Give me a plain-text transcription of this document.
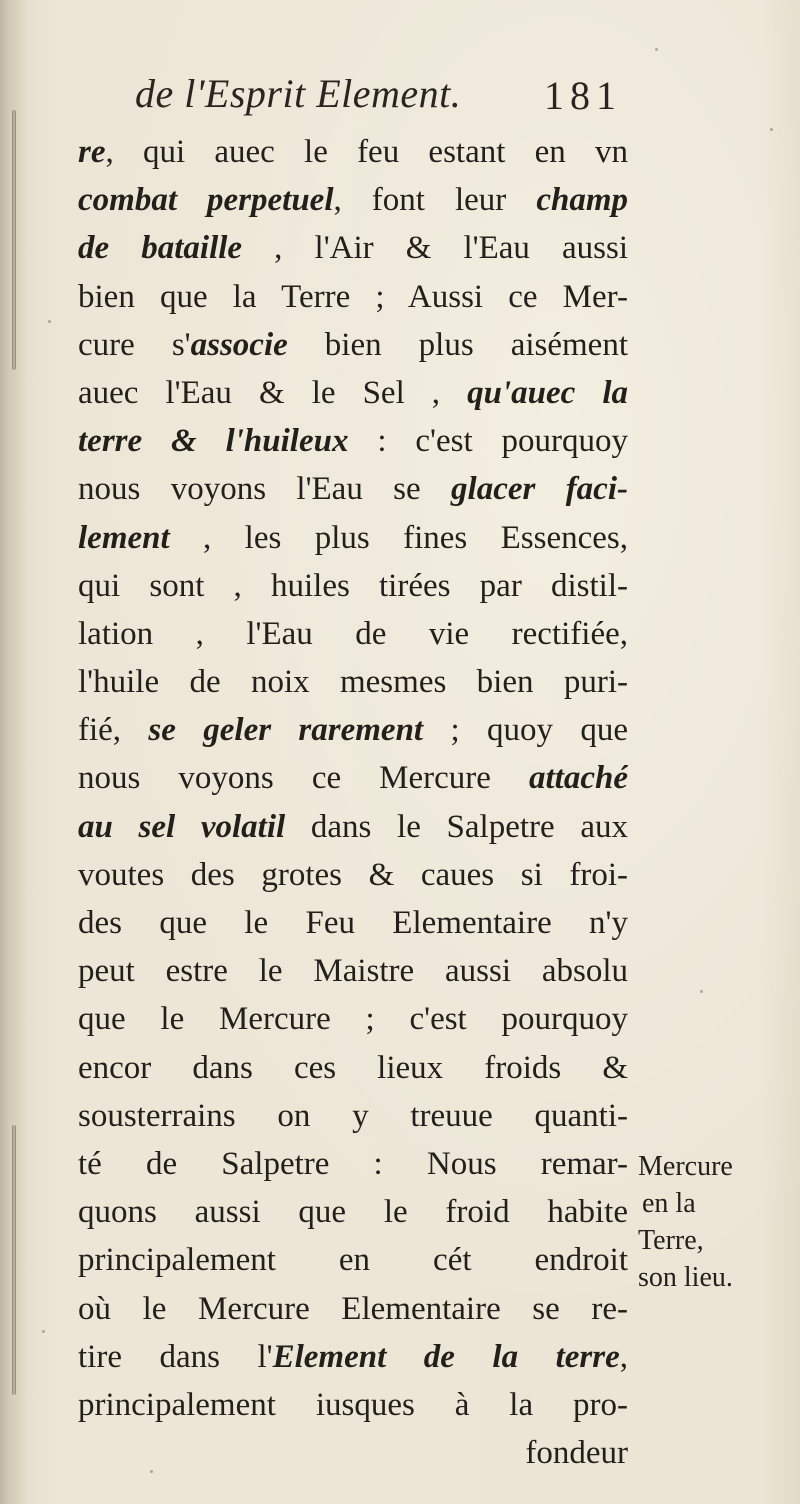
de l'Esprit Element. 181
re, qui auec le feu estant en vn
combat perpetuel, font leur champ
de bataille , l'Air & l'Eau aussi
bien que la Terre ; Aussi ce Mer-
cure s'associe bien plus aisément
auec l'Eau & le Sel , qu'auec la
terre & l'huileux : c'est pourquoy
nous voyons l'Eau se glacer faci-
lement , les plus fines Essences,
qui sont , huiles tirées par distil-
lation , l'Eau de vie rectifiée,
l'huile de noix mesmes bien puri-
fié, se geler rarement ; quoy que
nous voyons ce Mercure attaché
au sel volatil dans le Salpetre aux
voutes des grotes & caues si froi-
des que le Feu Elementaire n'y
peut estre le Maistre aussi absolu
que le Mercure ; c'est pourquoy
encor dans ces lieux froids &
sousterrains on y treuue quanti-
té de Salpetre : Nous remar-
quons aussi que le froid habite
principalement en cét endroit
où le Mercure Elementaire se re-
tire dans l'Element de la terre,
principalement iusques à la pro-
fondeur
Mercure
en la
Terre,
son lieu.
